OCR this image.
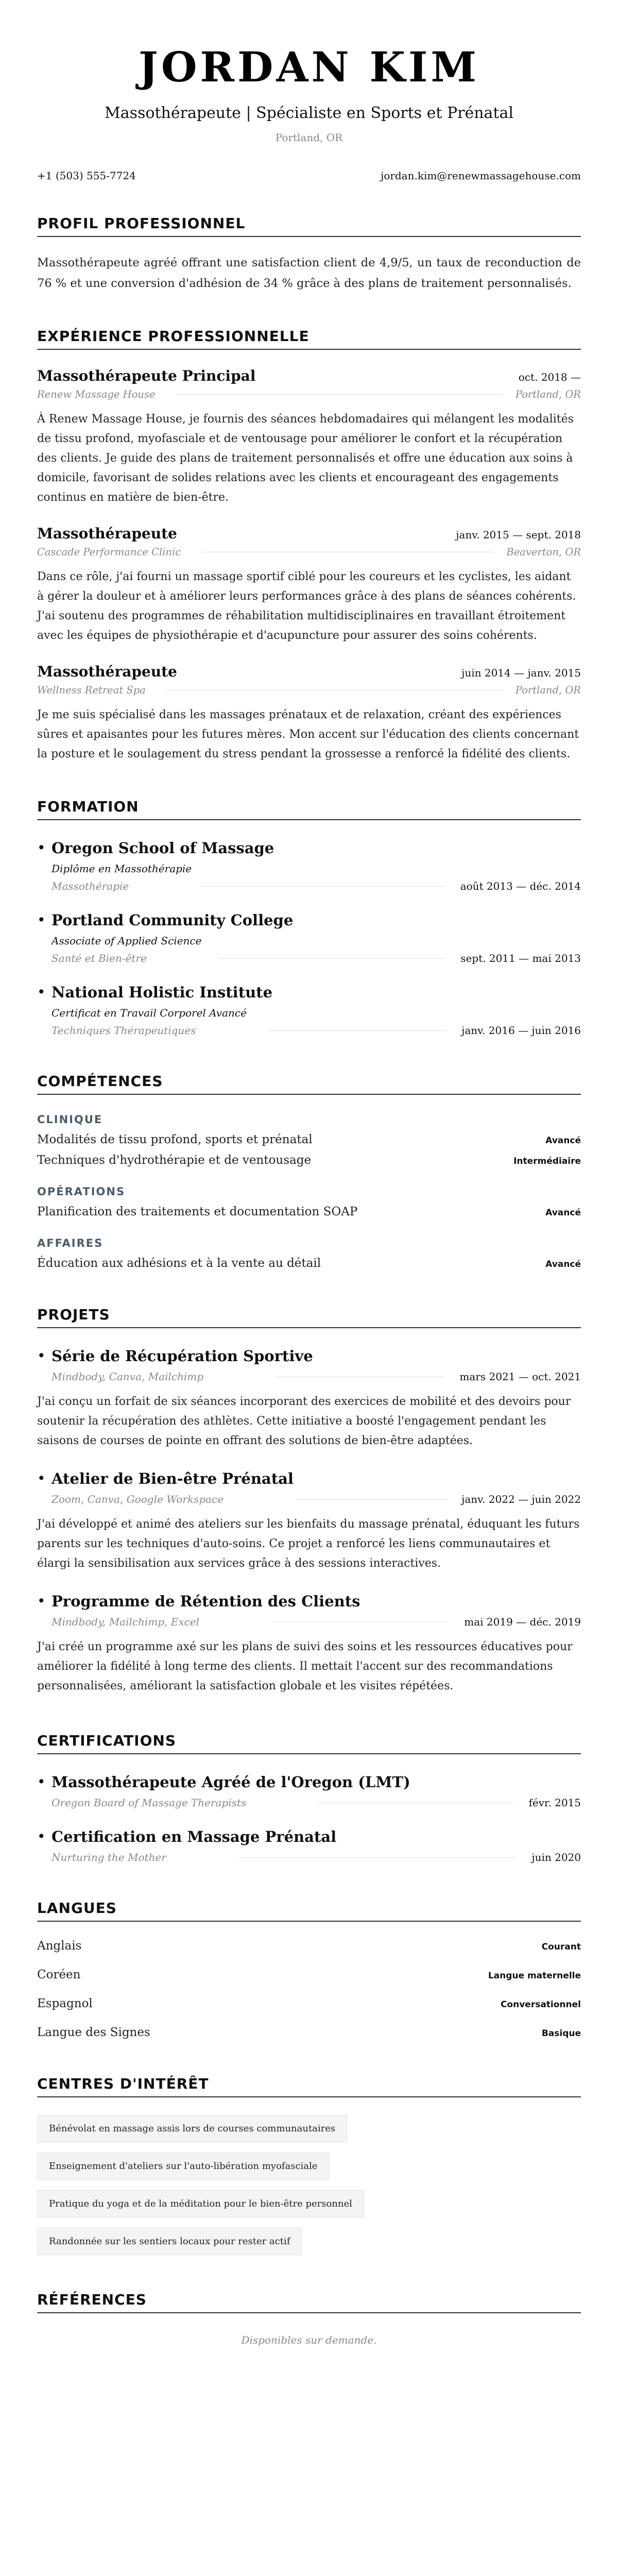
JORDAN KIM
Massothérapeute | Spécialiste en Sports et Prénatal
Portland, OR
+1 (503) 555-7724	jordan.kim@renewmassagehouse.com
PROFIL PROFESSIONNEL
Massothérapeute agréé offrant une satisfaction client de 4,9/5, un taux de reconduction de 76 % et une conversion d'adhésion de 34 % grâce à des plans de traitement personnalisés.
EXPÉRIENCE PROFESSIONNELLE
Massothérapeute Principal	oct. 2018 —
Renew Massage House	Portland, OR
À Renew Massage House, je fournis des séances hebdomadaires qui mélangent les modalités de tissu profond, myofasciale et de ventousage pour améliorer le confort et la récupération des clients. Je guide des plans de traitement personnalisés et offre une éducation aux soins à domicile, favorisant de solides relations avec les clients et encourageant des engagements continus en matière de bien-être.
Massothérapeute	janv. 2015 — sept. 2018
Cascade Performance Clinic	Beaverton, OR
Dans ce rôle, j'ai fourni un massage sportif ciblé pour les coureurs et les cyclistes, les aidant à gérer la douleur et à améliorer leurs performances grâce à des plans de séances cohérents. J'ai soutenu des programmes de réhabilitation multidisciplinaires en travaillant étroitement avec les équipes de physiothérapie et d'acupuncture pour assurer des soins cohérents.
Massothérapeute	juin 2014 — janv. 2015
Wellness Retreat Spa	Portland, OR
Je me suis spécialisé dans les massages prénataux et de relaxation, créant des expériences sûres et apaisantes pour les futures mères. Mon accent sur l'éducation des clients concernant la posture et le soulagement du stress pendant la grossesse a renforcé la fidélité des clients.
FORMATION
• Oregon School of Massage
Diplôme en Massothérapie
Massothérapie	août 2013 — déc. 2014
• Portland Community College
Associate of Applied Science
Santé et Bien-être	sept. 2011 — mai 2013
• National Holistic Institute
Certificat en Travail Corporel Avancé
Techniques Thérapeutiques	janv. 2016 — juin 2016
COMPÉTENCES
CLINIQUE
Modalités de tissu profond, sports et prénatal	Avancé
Techniques d'hydrothérapie et de ventousage	Intermédiaire
OPÉRATIONS
Planification des traitements et documentation SOAP	Avancé
AFFAIRES
Éducation aux adhésions et à la vente au détail	Avancé
PROJETS
• Série de Récupération Sportive
Mindbody, Canva, Mailchimp	mars 2021 — oct. 2021
J'ai conçu un forfait de six séances incorporant des exercices de mobilité et des devoirs pour soutenir la récupération des athlètes. Cette initiative a boosté l'engagement pendant les saisons de courses de pointe en offrant des solutions de bien-être adaptées.
• Atelier de Bien-être Prénatal
Zoom, Canva, Google Workspace	janv. 2022 — juin 2022
J'ai développé et animé des ateliers sur les bienfaits du massage prénatal, éduquant les futurs parents sur les techniques d'auto-soins. Ce projet a renforcé les liens communautaires et élargi la sensibilisation aux services grâce à des sessions interactives.
• Programme de Rétention des Clients
Mindbody, Mailchimp, Excel	mai 2019 — déc. 2019
J'ai créé un programme axé sur les plans de suivi des soins et les ressources éducatives pour améliorer la fidélité à long terme des clients. Il mettait l'accent sur des recommandations personnalisées, améliorant la satisfaction globale et les visites répétées.
CERTIFICATIONS
• Massothérapeute Agréé de l'Oregon (LMT)
Oregon Board of Massage Therapists	févr. 2015
• Certification en Massage Prénatal
Nurturing the Mother	juin 2020
LANGUES
Anglais	Courant
Coréen	Langue maternelle
Espagnol	Conversationnel
Langue des Signes	Basique
CENTRES D'INTÉRÊT
Bénévolat en massage assis lors de courses communautaires
Enseignement d'ateliers sur l'auto-libération myofasciale
Pratique du yoga et de la méditation pour le bien-être personnel
Randonnée sur les sentiers locaux pour rester actif
RÉFÉRENCES
Disponibles sur demande.
